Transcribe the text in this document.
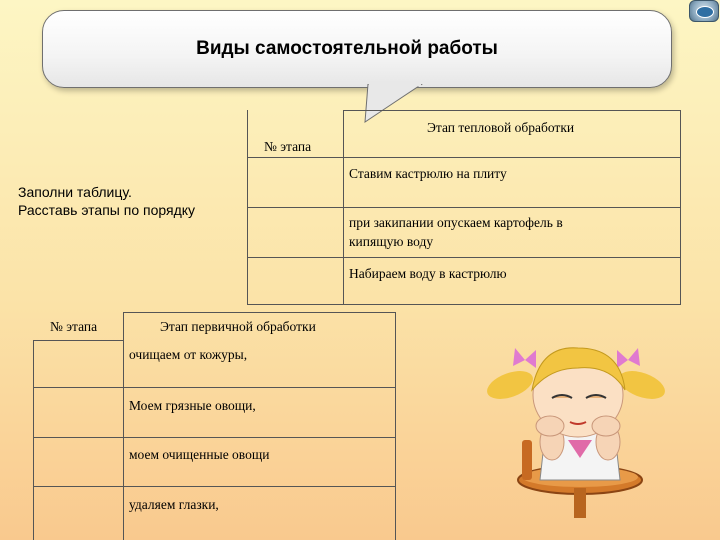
Виды самостоятельной работы
Заполни таблицу.
Расставь этапы по порядку
№ этапа
Этап тепловой обработки
Ставим кастрюлю на плиту
при закипании опускаем картофель в
кипящую воду
Набираем воду в кастрюлю
№ этапа	Этап первичной обработки
очищаем от кожуры,
Моем грязные овощи,
моем очищенные овощи
удаляем глазки,
